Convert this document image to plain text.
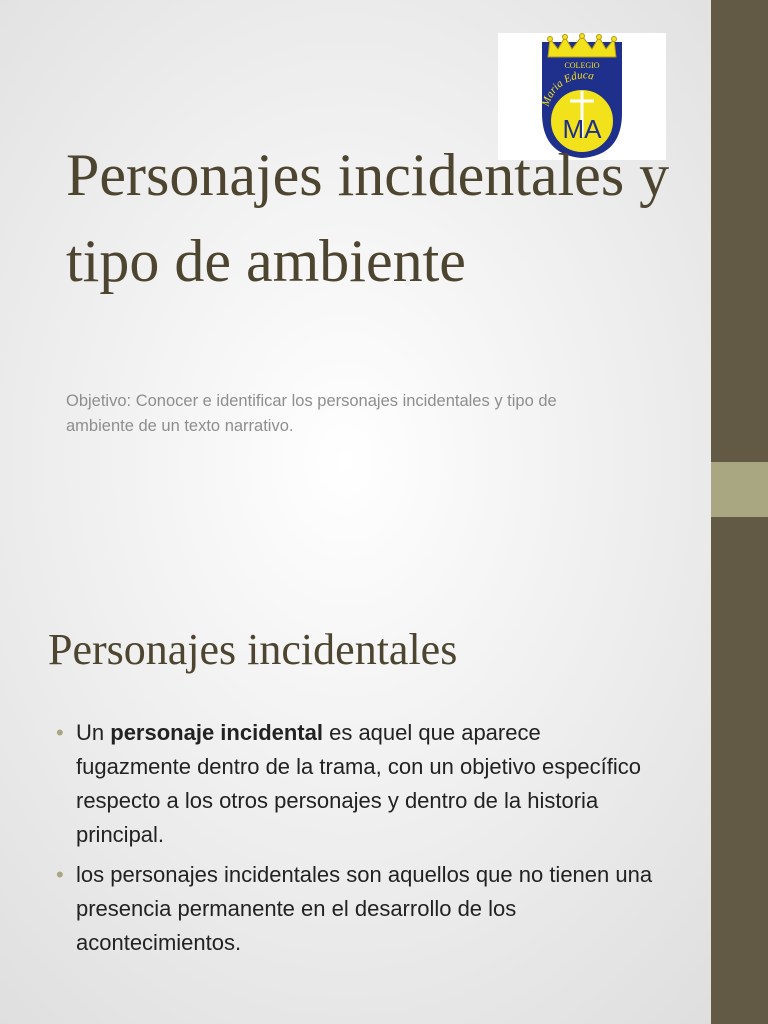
COLEGIO
Maria Educa
MA
Personajes incidentales y tipo de ambiente

Objetivo: Conocer e identificar los personajes incidentales y tipo de ambiente de un texto narrativo.

Personajes incidentales
• Un personaje incidental es aquel que aparece fugazmente dentro de la trama, con un objetivo específico respecto a los otros personajes y dentro de la historia principal.
• los personajes incidentales son aquellos que no tienen una presencia permanente en el desarrollo de los acontecimientos.
